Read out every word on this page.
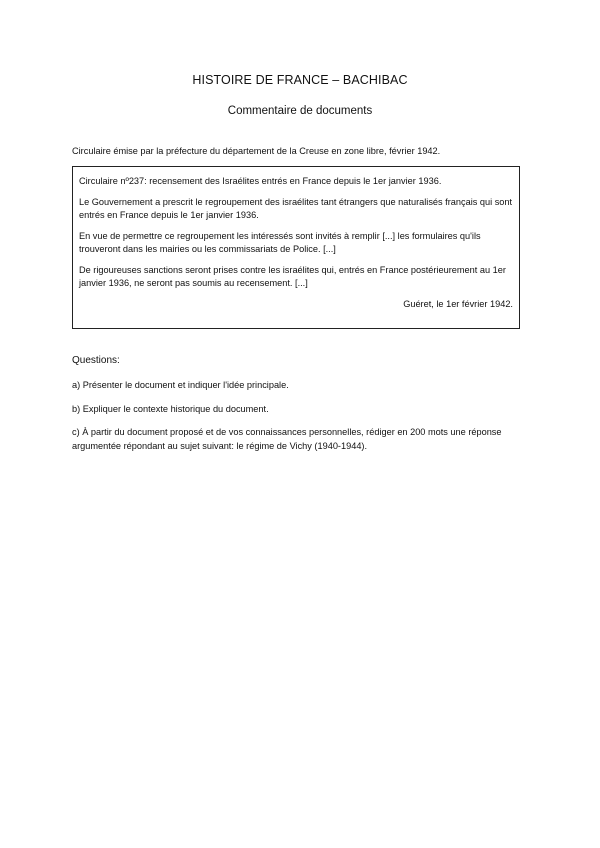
HISTOIRE DE FRANCE – BACHIBAC
Commentaire de documents
Circulaire émise par la préfecture du département de la Creuse en zone libre, février 1942.

Circulaire nº237: recensement des Israélites entrés en France depuis le 1er janvier 1936.

Le Gouvernement a prescrit le regroupement des israélites tant étrangers que naturalisés français qui sont entrés en France depuis le 1er janvier 1936.

En vue de permettre ce regroupement les intéressés sont invités à remplir [...] les formulaires qu'ils trouveront dans les mairies ou les commissariats de Police. [...]

De rigoureuses sanctions seront prises contre les israélites qui, entrés en France postérieurement au 1er janvier 1936, ne seront pas soumis au recensement. [...]

Guéret, le 1er février 1942.

Questions:

a) Présenter le document et indiquer l'idée principale.

b) Expliquer le contexte historique du document.

c) À partir du document proposé et de vos connaissances personnelles, rédiger en 200 mots une réponse argumentée répondant au sujet suivant: le régime de Vichy (1940-1944).
